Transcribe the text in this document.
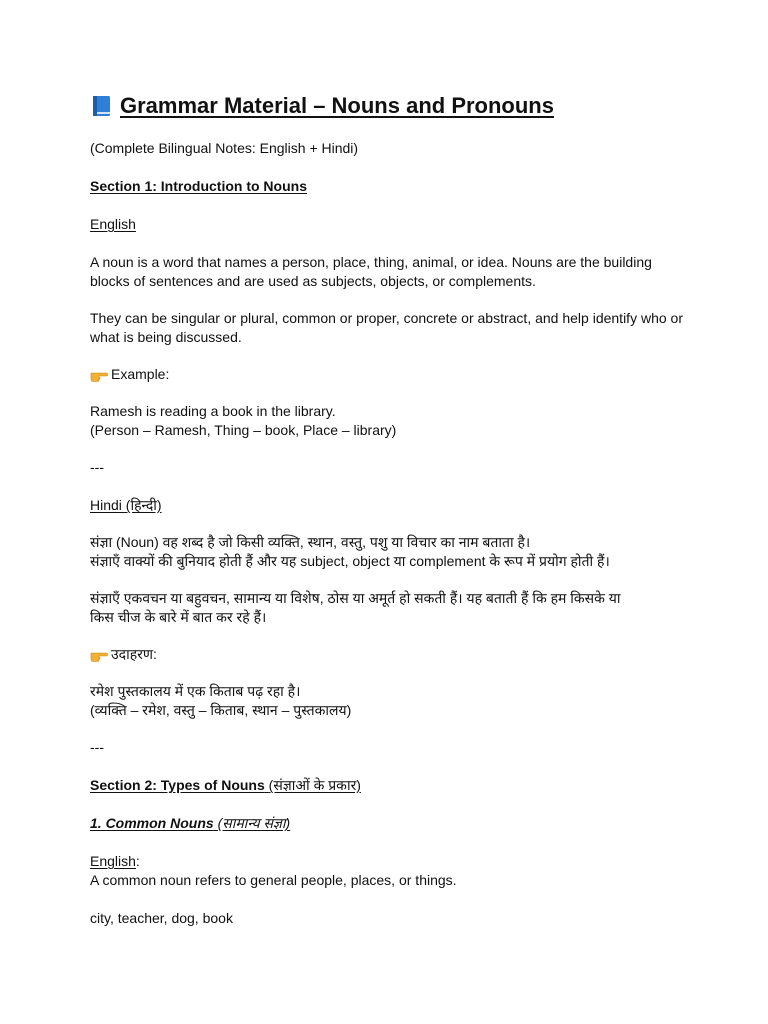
Grammar Material – Nouns and Pronouns

(Complete Bilingual Notes: English + Hindi)

Section 1: Introduction to Nouns

English

A noun is a word that names a person, place, thing, animal, or idea. Nouns are the building
blocks of sentences and are used as subjects, objects, or complements.

They can be singular or plural, common or proper, concrete or abstract, and help identify who or
what is being discussed.

Example:

Ramesh is reading a book in the library.
(Person – Ramesh, Thing – book, Place – library)

---

Hindi (हिन्दी)

संज्ञा (Noun) वह शब्द है जो किसी व्यक्ति, स्थान, वस्तु, पशु या विचार का नाम बताता है।
संज्ञाएँ वाक्यों की बुनियाद होती हैं और यह subject, object या complement के रूप में प्रयोग होती हैं।

संज्ञाएँ एकवचन या बहुवचन, सामान्य या विशेष, ठोस या अमूर्त हो सकती हैं। यह बताती हैं कि हम किसके या
किस चीज के बारे में बात कर रहे हैं।

उदाहरण:

रमेश पुस्तकालय में एक किताब पढ़ रहा है।
(व्यक्ति – रमेश, वस्तु – किताब, स्थान – पुस्तकालय)

---

Section 2: Types of Nouns (संज्ञाओं के प्रकार)

1. Common Nouns (सामान्य संज्ञा)

English:
A common noun refers to general people, places, or things.

city, teacher, dog, book
